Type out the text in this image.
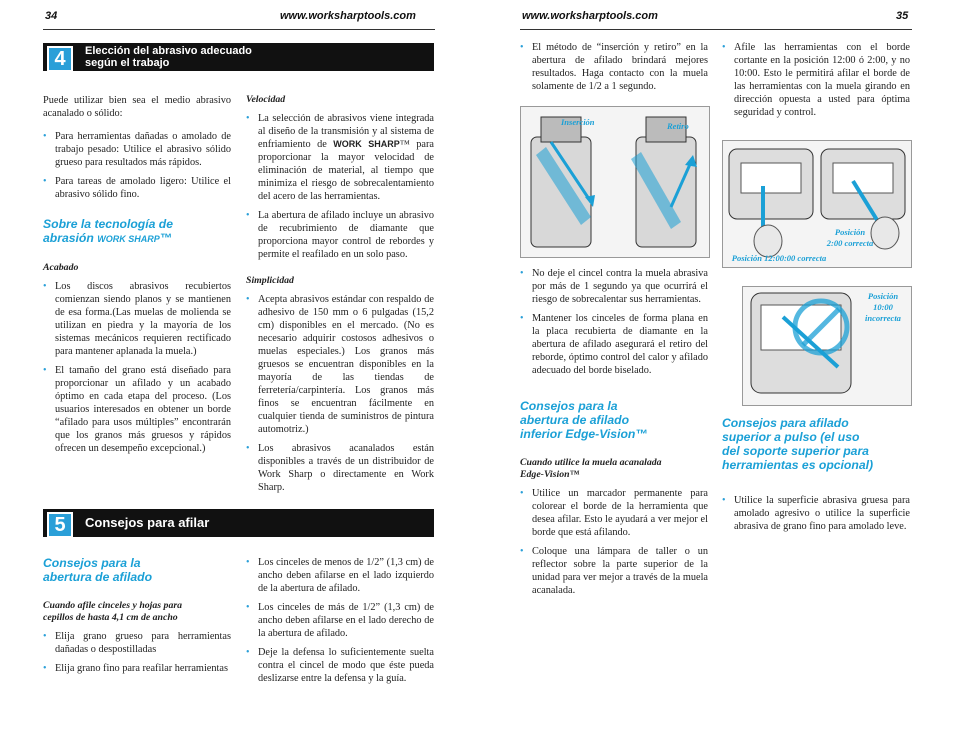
34	www.worksharptools.com	www.worksharptools.com	35
4	Elección del abrasivo adecuado
según el trabajo

Puede utilizar bien sea el medio abrasivo acanalado o sólido:

• Para herramientas dañadas o amolado de trabajo pesado: Utilice el abrasivo sólido grueso para resultados más rápidos.
• Para tareas de amolado ligero: Utilice el abrasivo sólido fino.
Sobre la tecnología de
abrasión WORK SHARP™
Acabado
• Los discos abrasivos recubiertos comienzan siendo planos y se mantienen de esa forma.(Las muelas de molienda se utilizan en piedra y la mayoría de los sistemas mecánicos requieren rectificado para mantener aplanada la muela.)
• El tamaño del grano está diseñado para proporcionar un afilado y un acabado óptimo en cada etapa del proceso. (Los usuarios interesados en obtener un borde “afilado para usos múltiples” encontrarán que los granos más gruesos y rápidos ofrecen un desempeño excepcional.)
Velocidad
• La selección de abrasivos viene integrada al diseño de la transmisión y al sistema de enfriamiento de WORK SHARP™ para proporcionar la mayor velocidad de eliminación de material, al tiempo que minimiza el riesgo de sobrecalentamiento del acero de las herramientas.
• La abertura de afilado incluye un abrasivo de recubrimiento de diamante que proporciona mayor control de rebordes y permite el reafilado en un solo paso.
Simplicidad
• Acepta abrasivos estándar con respaldo de adhesivo de 150 mm o 6 pulgadas (15,2 cm) disponibles en el mercado. (No es necesario adquirir costosos adhesivos o muelas especiales.) Los granos más gruesos se encuentran disponibles en la mayoría de las tiendas de ferretería/carpintería. Los granos más finos se encuentran fácilmente en cualquier tienda de suministros de pintura automotriz.)
• Los abrasivos acanalados están disponibles a través de un distribuidor de Work Sharp o directamente en Work Sharp.
5	Consejos para afilar
Consejos para la
abertura de afilado
Cuando afile cinceles y hojas para
cepillos de hasta 4,1 cm de ancho
• Elija grano grueso para herramientas dañadas o despostilladas
• Elija grano fino para reafilar herramientas
• Los cinceles de menos de 1/2” (1,3 cm) de ancho deben afilarse en el lado izquierdo de la abertura de afilado.
• Los cinceles de más de 1/2” (1,3 cm) de ancho deben afilarse en el lado derecho de la abertura de afilado.
• Deje la defensa lo suficientemente suelta contra el cincel de modo que éste pueda deslizarse entre la defensa y la guía.
• El método de “inserción y retiro” en la abertura de afilado brindará mejores resultados. Haga contacto con la muela solamente de 1/2 a 1 segundo.
Inserción	Retiro
• No deje el cincel contra la muela abrasiva por más de 1 segundo ya que ocurrirá el riesgo de sobrecalentar sus herramientas.
• Mantener los cinceles de forma plana en la placa recubierta de diamante en la abertura de afilado asegurará el retiro del reborde, óptimo control del calor y afilado adecuado del borde biselado.
Consejos para la
abertura de afilado
inferior Edge-Vision™
Cuando utilice la muela acanalada
Edge-Vision™
• Utilice un marcador permanente para colorear el borde de la herramienta que desea afilar. Esto le ayudará a ver mejor el borde que está afilando.
• Coloque una lámpara de taller o un reflector sobre la parte superior de la unidad para ver mejor a través de la muela acanalada.
• Afile las herramientas con el borde cortante en la posición 12:00 ó 2:00, y no 10:00. Esto le permitirá afilar el borde de las herramientas con la muela girando en dirección opuesta a usted para óptima seguridad y control.
Posición
2:00 correcta
Posición 12:00:00 correcta
Posición
10:00
incorrecta
Consejos para afilado
superior a pulso (el uso
del soporte superior para
herramientas es opcional)
• Utilice la superficie abrasiva gruesa para amolado agresivo o utilice la superficie abrasiva de grano fino para amolado leve.
